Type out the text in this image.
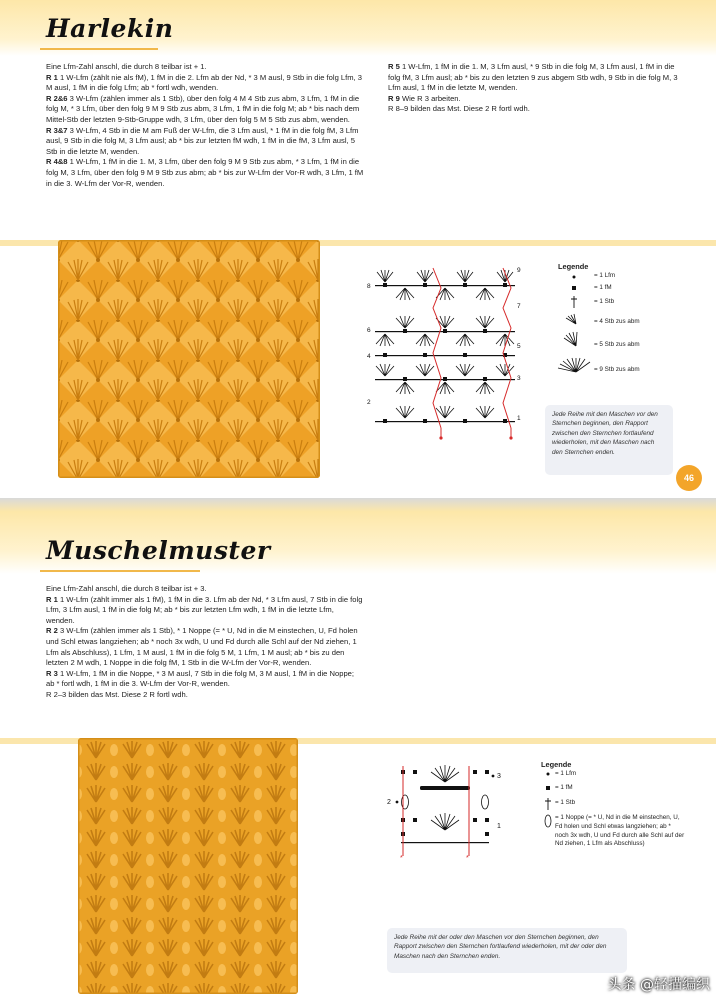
Harlekin

Eine Lfm-Zahl anschl, die durch 8 teilbar ist + 1.

R 1 1 W-Lfm (zählt nie als fM), 1 fM in die 2. Lfm ab der Nd, * 3 M ausl, 9 Stb in die folg Lfm, 3 M ausl, 1 fM in die folg Lfm; ab * fortl wdh, wenden.

R 2&6 3 W-Lfm (zählen immer als 1 Stb), über den folg 4 M 4 Stb zus abm, 3 Lfm, 1 fM in die folg M, * 3 Lfm, über den folg 9 M 9 Stb zus abm, 3 Lfm, 1 fM in die folg M; ab * bis nach dem Mittel-Stb der letzten 9-Stb-Gruppe wdh, 3 Lfm, über den folg 5 M 5 Stb zus abm, wenden.

R 3&7 3 W-Lfm, 4 Stb in die M am Fuß der W-Lfm, die 3 Lfm ausl, * 1 fM in die folg fM, 3 Lfm ausl, 9 Stb in die folg M, 3 Lfm ausl; ab * bis zur letzten fM wdh, 1 fM in die fM, 3 Lfm ausl, 5 Stb in die letzte M, wenden.

R 4&8 1 W-Lfm, 1 fM in die 1. M, 3 Lfm, über den folg 9 M 9 Stb zus abm, * 3 Lfm, 1 fM in die folg M, 3 Lfm, über den folg 9 M 9 Stb zus abm; ab * bis zur W-Lfm der Vor-R wdh, 3 Lfm, 1 fM in die 3. W-Lfm der Vor-R, wenden.

R 5 1 W-Lfm, 1 fM in die 1. M, 3 Lfm ausl, * 9 Stb in die folg M, 3 Lfm ausl, 1 fM in die folg fM, 3 Lfm ausl; ab * bis zu den letzten 9 zus abgem Stb wdh, 9 Stb in die folg M, 3 Lfm ausl, 1 fM in die letzte M, wenden.

R 9 Wie R 3 arbeiten.

R 8–9 bilden das Mst. Diese 2 R fortl wdh.

9
7
5
3
1
8
6
4
2
Legende
= 1 Lfm
= 1 fM
= 1 Stb
= 4 Stb zus abm
= 5 Stb zus abm
= 9 Stb zus abm
Jede Reihe mit den Maschen vor den Sternchen beginnen, den Rapport zwischen den Sternchen fortlaufend wiederholen, mit den Maschen nach den Sternchen enden.
46
Muschelmuster

Eine Lfm-Zahl anschl, die durch 8 teilbar ist + 3.

R 1 1 W-Lfm (zählt immer als 1 fM), 1 fM in die 3. Lfm ab der Nd, * 3 Lfm ausl, 7 Stb in die folg Lfm, 3 Lfm ausl, 1 fM in die folg M; ab * bis zur letzten Lfm wdh, 1 fM in die letzte Lfm, wenden.

R 2 3 W-Lfm (zählen immer als 1 Stb), * 1 Noppe (= * U, Nd in die M einstechen, U, Fd holen und Schl etwas langziehen; ab * noch 3x wdh, U und Fd durch alle Schl auf der Nd ziehen, 1 Lfm als Abschluss), 1 Lfm, 1 M ausl, 1 fM in die folg 5 M, 1 Lfm, 1 M ausl; ab * bis zu den letzten 2 M wdh, 1 Noppe in die folg fM, 1 Stb in die W-Lfm der Vor-R, wenden.

R 3 1 W-Lfm, 1 fM in die Noppe, * 3 M ausl, 7 Stb in die folg M, 3 M ausl, 1 fM in die Noppe; ab * fortl wdh, 1 fM in die 3. W-Lfm der Vor-R, wenden.

R 2–3 bilden das Mst. Diese 2 R fortl wdh.

*	*
3
2
1
Legende
= 1 Lfm
= 1 fM
= 1 Stb
= 1 Noppe (= * U, Nd in die M einstechen, U, Fd holen und Schl etwas langziehen; ab * noch 3x wdh, U und Fd durch alle Schl auf der Nd ziehen, 1 Lfm als Abschluss)
Jede Reihe mit der oder den Maschen vor den Sternchen beginnen, den Rapport zwischen den Sternchen fortlaufend wiederholen, mit der oder den Maschen nach den Sternchen enden.
头条 @轻描编织
